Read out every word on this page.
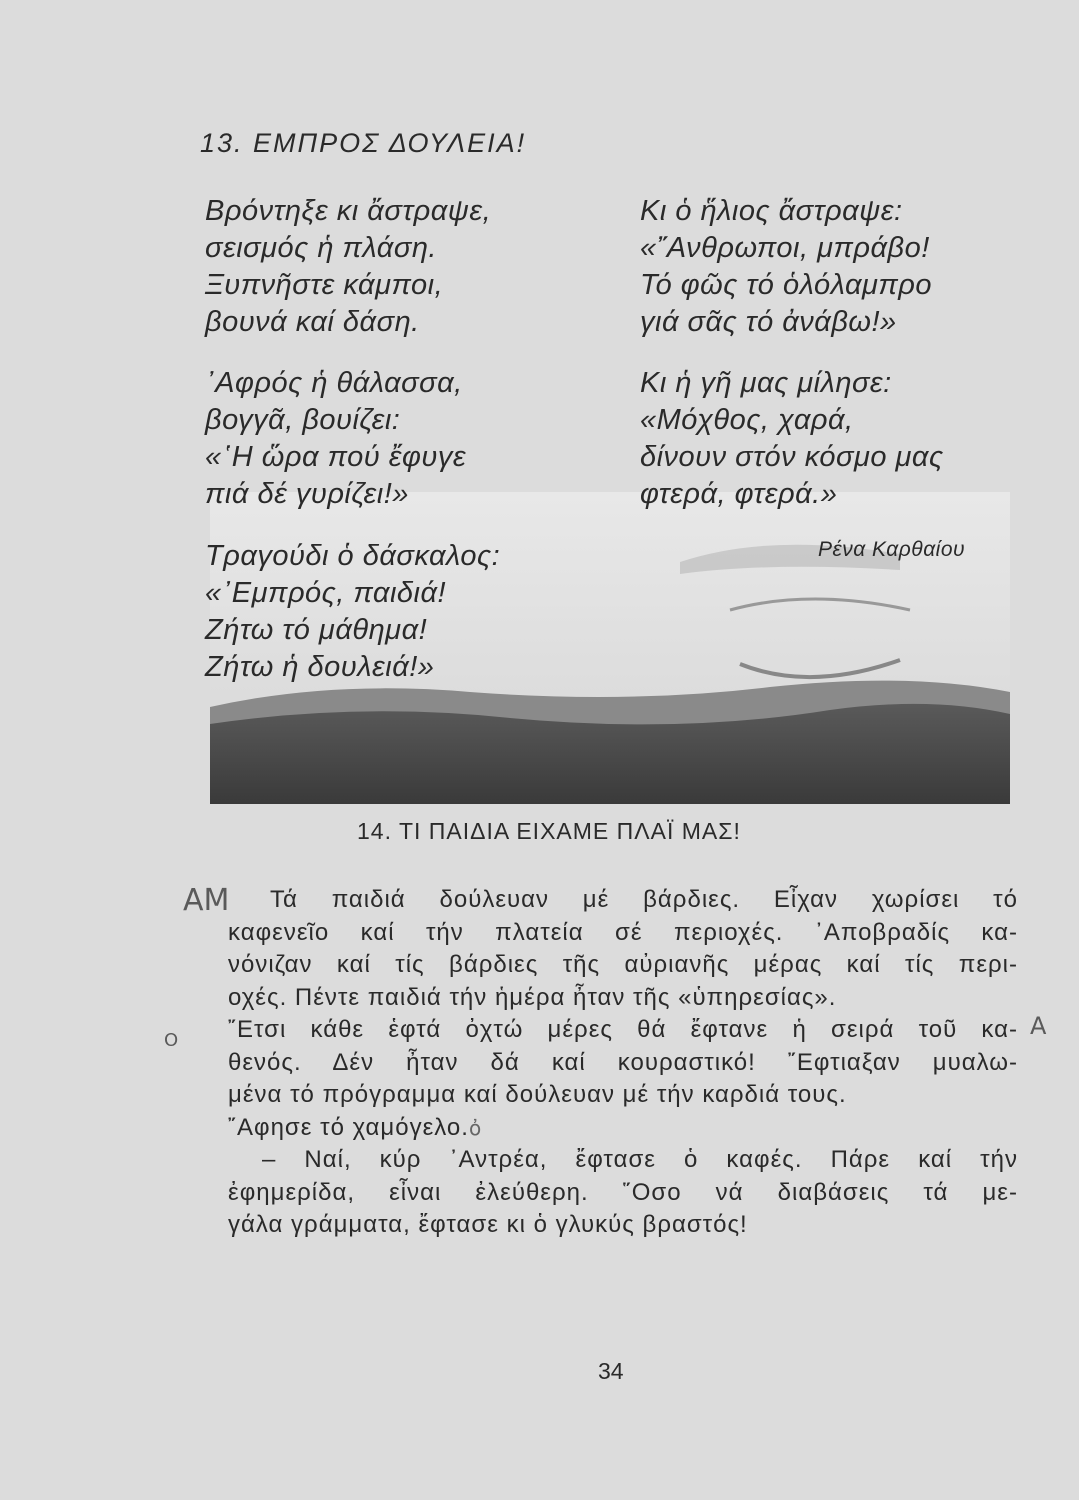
13. ΕΜΠΡΟΣ ΔΟΥΛΕΙΑ!
Βρόντηξε κι ἄστραψε,
σεισμός ἡ πλάση.
Ξυπνῆστε κάμποι,
βουνά καί δάση.
᾿Αφρός ἡ θάλασσα,
βογγᾶ, βουίζει:
«῾Η ὥρα πού ἔφυγε
πιά δέ γυρίζει!»
Τραγούδι ὁ δάσκαλος:
«᾿Εμπρός, παιδιά!
Ζήτω τό μάθημα!
Ζήτω ἡ δουλειά!»
Κι ὁ ἥλιος ἄστραψε:
«῎Ανθρωποι, μπράβο!
Τό φῶς τό ὁλόλαμπρο
γιά σᾶς τό ἀνάβω!»
Κι ἡ γῆ μας μίλησε:
«Μόχθος, χαρά,
δίνουν στόν κόσμο μας
φτερά, φτερά.»
Ρένα Καρθαίου
14. ΤΙ ΠΑΙΔΙΑ ΕΙΧΑΜΕ ΠΛΑΪ ΜΑΣ!
ΑΜ
Α
Ο
Τά παιδιά δούλευαν μέ βάρδιες. Εἶχαν χωρίσει τό
καφενεῖο καί τήν πλατεία σέ περιοχές. ᾿Αποβραδίς κα-
νόνιζαν καί τίς βάρδιες τῆς αὐριανῆς μέρας καί τίς περι-
οχές. Πέντε παιδιά τήν ἡμέρα ἦταν τῆς «ὑπηρεσίας».
῎Ετσι κάθε ἑφτά ὀχτώ μέρες θά ἔφτανε ἡ σειρά τοῦ κα-
θενός. Δέν ἦταν δά καί κουραστικό! ῎Εφτιαξαν μυαλω-
μένα τό πρόγραμμα καί δούλευαν μέ τήν καρδιά τους.
῎Αφησε τό χαμόγελο.ὀ
– Ναί, κύρ ᾿Αντρέα, ἔφτασε ὁ καφές. Πάρε καί τήν
ἐφημερίδα, εἶναι ἐλεύθερη. ῞Οσο νά διαβάσεις τά με-
γάλα γράμματα, ἔφτασε κι ὁ γλυκύς βραστός!
34
